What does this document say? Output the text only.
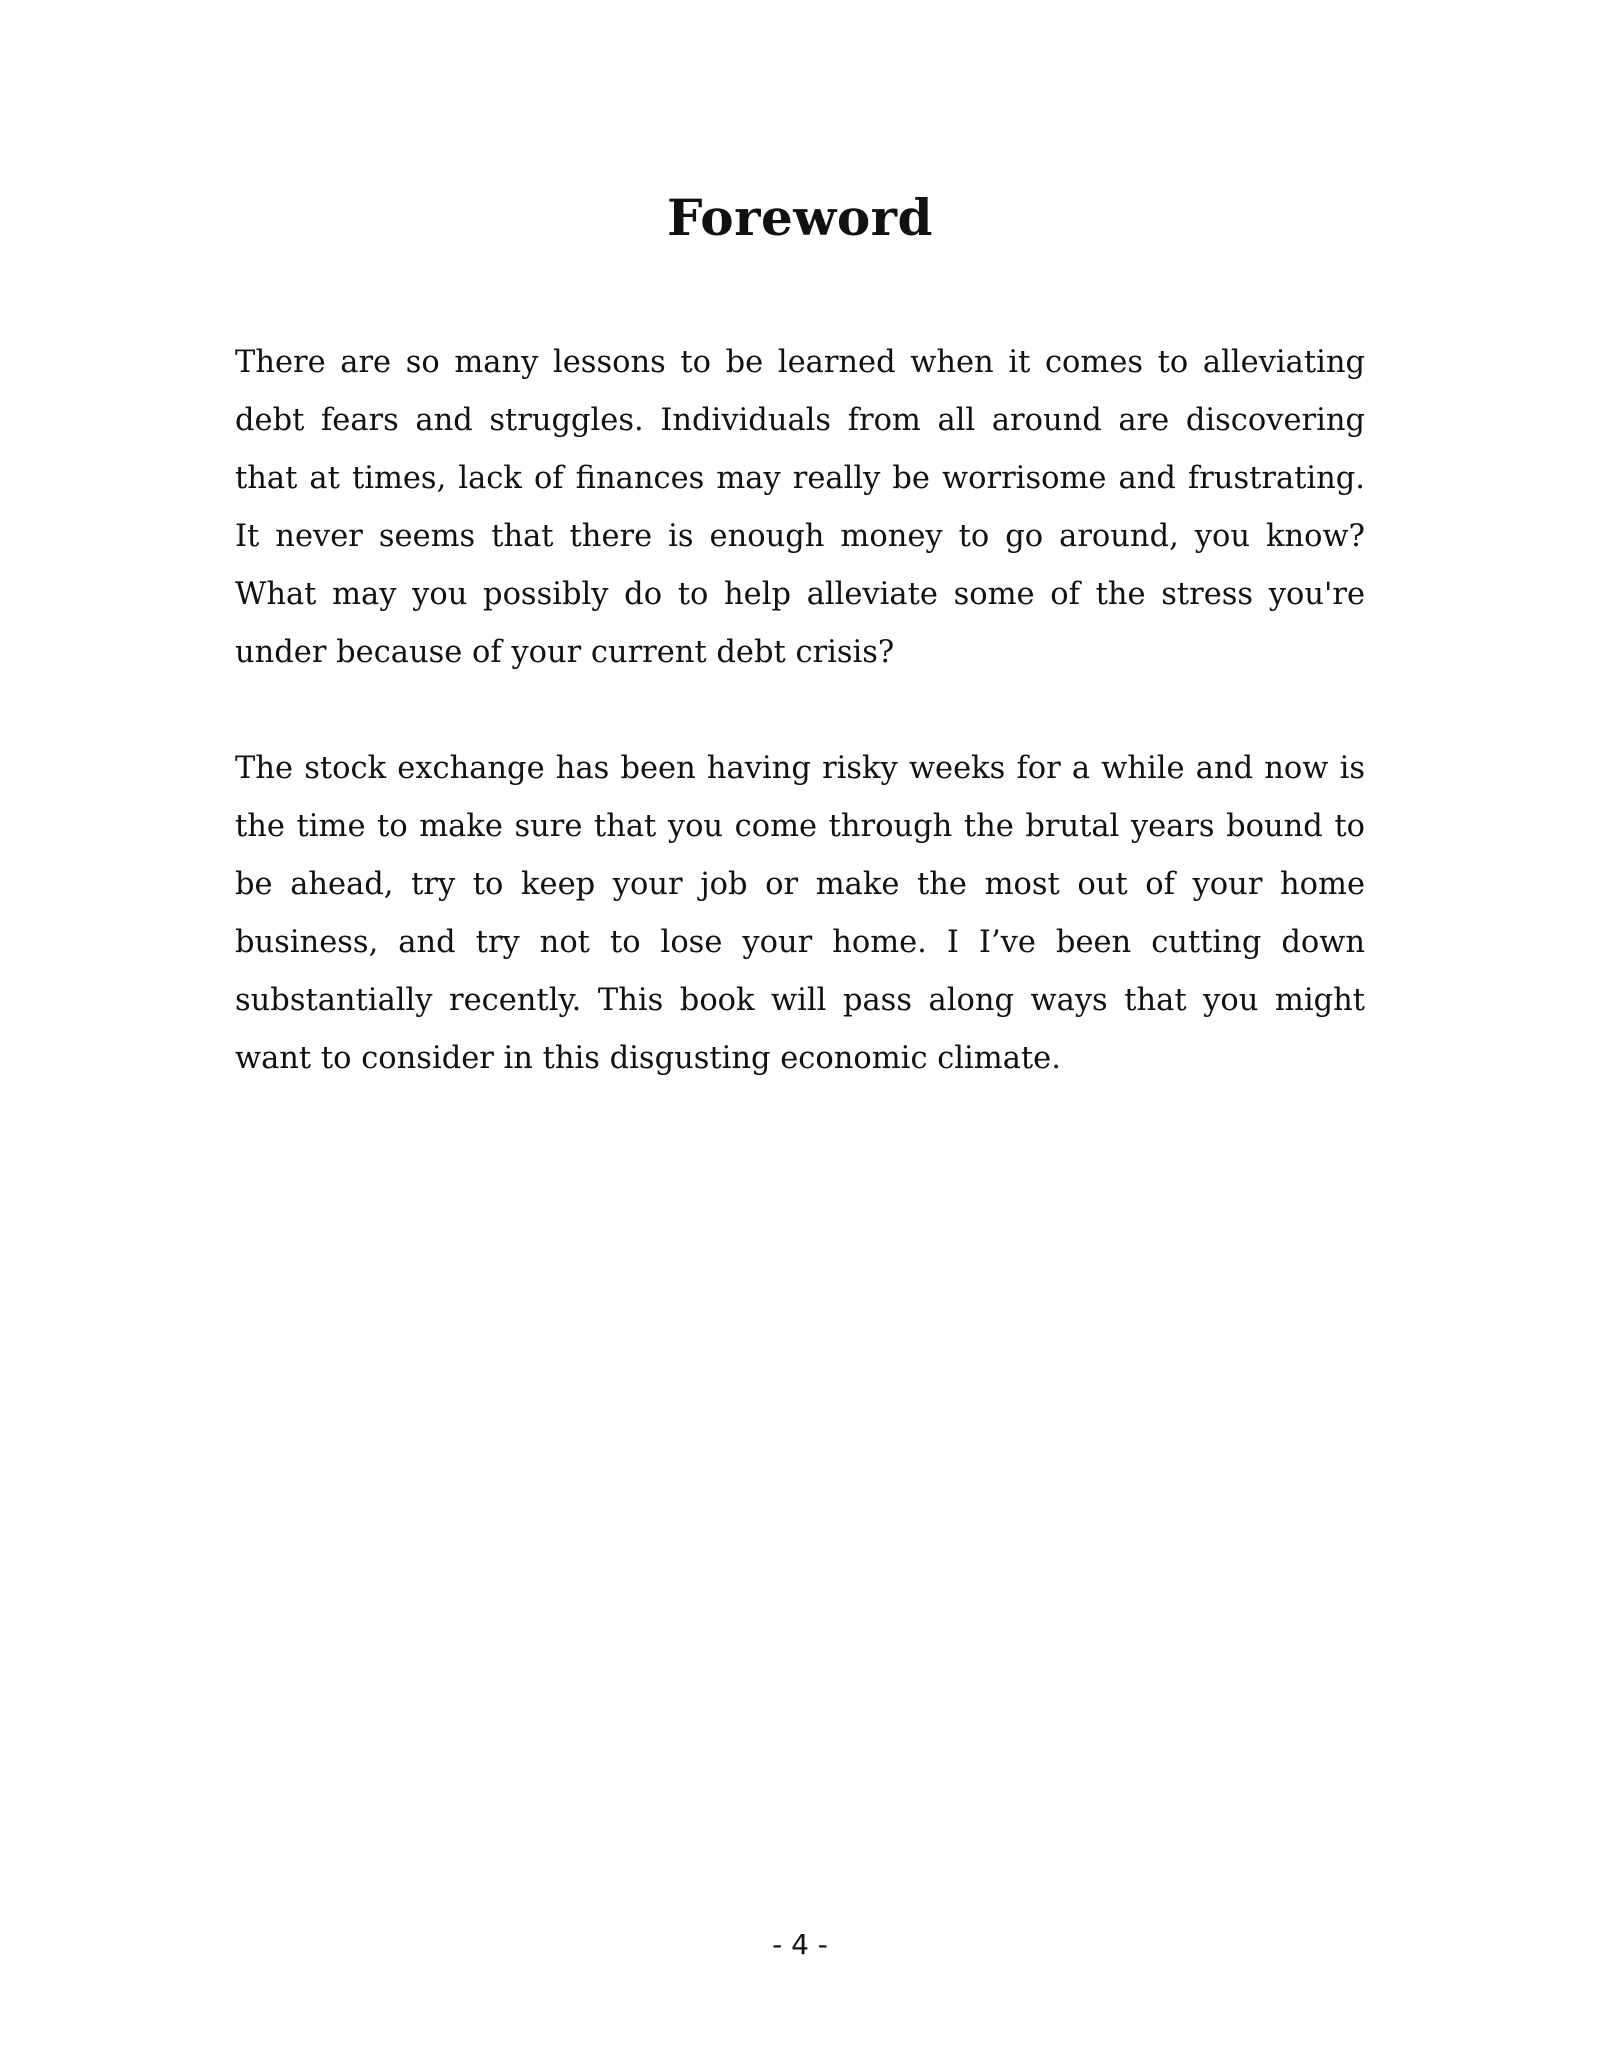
Foreword

There are so many lessons to be learned when it comes to alleviating debt fears and struggles. Individuals from all around are discovering that at times, lack of finances may really be worrisome and frustrating. It never seems that there is enough money to go around, you know? What may you possibly do to help alleviate some of the stress you're under because of your current debt crisis?

The stock exchange has been having risky weeks for a while and now is the time to make sure that you come through the brutal years bound to be ahead, try to keep your job or make the most out of your home business, and try not to lose your home. I I’ve been cutting down substantially recently. This book will pass along ways that you might want to consider in this disgusting economic climate.

- 4 -
